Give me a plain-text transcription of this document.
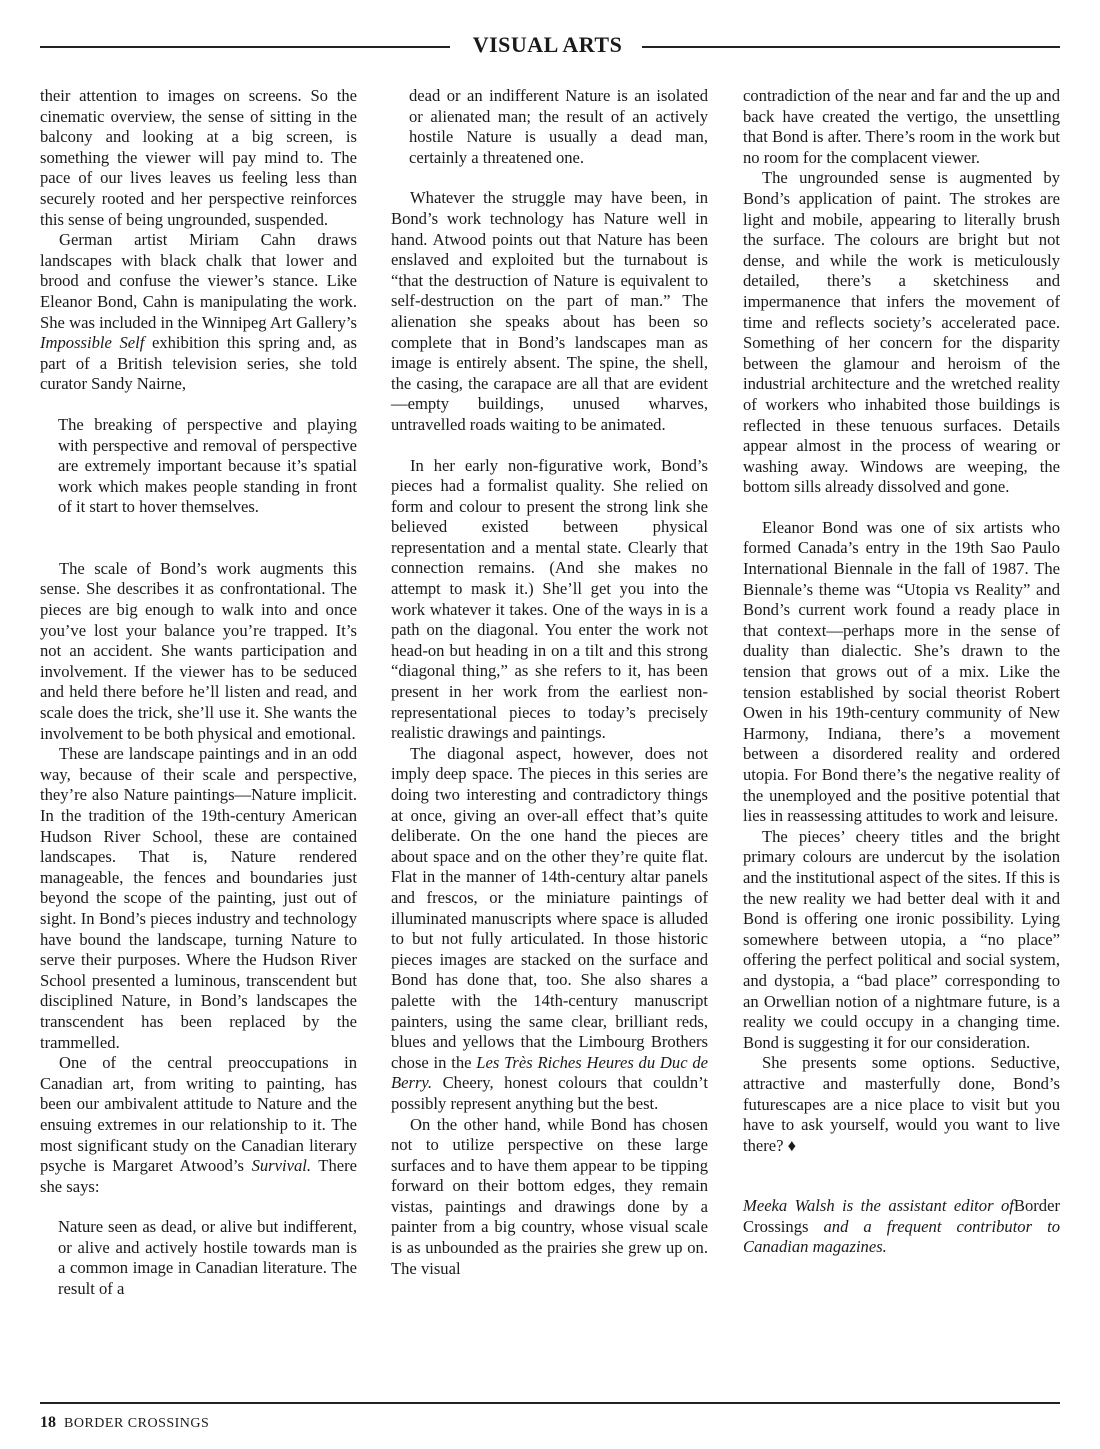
VISUAL ARTS

their attention to images on screens. So the cinematic overview, the sense of sitting in the balcony and looking at a big screen, is something the viewer will pay mind to. The pace of our lives leaves us feeling less than securely rooted and her perspective reinforces this sense of being ungrounded, suspended.

German artist Miriam Cahn draws landscapes with black chalk that lower and brood and confuse the viewer’s stance. Like Eleanor Bond, Cahn is manipulating the work. She was included in the Winnipeg Art Gallery’s Impossible Self exhibition this spring and, as part of a British television series, she told curator Sandy Nairne,

The breaking of perspective and playing with perspective and removal of perspective are extremely important because it’s spatial work which makes people standing in front of it start to hover themselves.

The scale of Bond’s work augments this sense. She describes it as confrontational. The pieces are big enough to walk into and once you’ve lost your balance you’re trapped. It’s not an accident. She wants participation and involvement. If the viewer has to be seduced and held there before he’ll listen and read, and scale does the trick, she’ll use it. She wants the involvement to be both physical and emotional.

These are landscape paintings and in an odd way, because of their scale and perspective, they’re also Nature paintings—Nature implicit. In the tradition of the 19th-century American Hudson River School, these are contained landscapes. That is, Nature rendered manageable, the fences and boundaries just beyond the scope of the painting, just out of sight. In Bond’s pieces industry and technology have bound the landscape, turning Nature to serve their purposes. Where the Hudson River School presented a luminous, transcendent but disciplined Nature, in Bond’s landscapes the transcendent has been replaced by the trammelled.

One of the central preoccupations in Canadian art, from writing to painting, has been our ambivalent attitude to Nature and the ensuing extremes in our relationship to it. The most significant study on the Canadian literary psyche is Margaret Atwood’s Survival. There she says:

Nature seen as dead, or alive but indifferent, or alive and actively hostile towards man is a common image in Canadian literature. The result of a

dead or an indifferent Nature is an isolated or alienated man; the result of an actively hostile Nature is usually a dead man, certainly a threatened one.

Whatever the struggle may have been, in Bond’s work technology has Nature well in hand. Atwood points out that Nature has been enslaved and exploited but the turnabout is “that the destruction of Nature is equivalent to self-destruction on the part of man.” The alienation she speaks about has been so complete that in Bond’s landscapes man as image is entirely absent. The spine, the shell, the casing, the carapace are all that are evident—empty buildings, unused wharves, untravelled roads waiting to be animated.

In her early non-figurative work, Bond’s pieces had a formalist quality. She relied on form and colour to present the strong link she believed existed between physical representation and a mental state. Clearly that connection remains. (And she makes no attempt to mask it.) She’ll get you into the work whatever it takes. One of the ways in is a path on the diagonal. You enter the work not head-on but heading in on a tilt and this strong “diagonal thing,” as she refers to it, has been present in her work from the earliest non-representational pieces to today’s precisely realistic drawings and paintings.

The diagonal aspect, however, does not imply deep space. The pieces in this series are doing two interesting and contradictory things at once, giving an over-all effect that’s quite deliberate. On the one hand the pieces are about space and on the other they’re quite flat. Flat in the manner of 14th-century altar panels and frescos, or the miniature paintings of illuminated manuscripts where space is alluded to but not fully articulated. In those historic pieces images are stacked on the surface and Bond has done that, too. She also shares a palette with the 14th-century manuscript painters, using the same clear, brilliant reds, blues and yellows that the Limbourg Brothers chose in the Les Très Riches Heures du Duc de Berry. Cheery, honest colours that couldn’t possibly represent anything but the best.

On the other hand, while Bond has chosen not to utilize perspective on these large surfaces and to have them appear to be tipping forward on their bottom edges, they remain vistas, paintings and drawings done by a painter from a big country, whose visual scale is as unbounded as the prairies she grew up on. The visual

contradiction of the near and far and the up and back have created the vertigo, the unsettling that Bond is after. There’s room in the work but no room for the complacent viewer.

The ungrounded sense is augmented by Bond’s application of paint. The strokes are light and mobile, appearing to literally brush the surface. The colours are bright but not dense, and while the work is meticulously detailed, there’s a sketchiness and impermanence that infers the movement of time and reflects society’s accelerated pace. Something of her concern for the disparity between the glamour and heroism of the industrial architecture and the wretched reality of workers who inhabited those buildings is reflected in these tenuous surfaces. Details appear almost in the process of wearing or washing away. Windows are weeping, the bottom sills already dissolved and gone.

Eleanor Bond was one of six artists who formed Canada’s entry in the 19th Sao Paulo International Biennale in the fall of 1987. The Biennale’s theme was “Utopia vs Reality” and Bond’s current work found a ready place in that context—perhaps more in the sense of duality than dialectic. She’s drawn to the tension that grows out of a mix. Like the tension established by social theorist Robert Owen in his 19th-century community of New Harmony, Indiana, there’s a movement between a disordered reality and ordered utopia. For Bond there’s the negative reality of the unemployed and the positive potential that lies in reassessing attitudes to work and leisure.

The pieces’ cheery titles and the bright primary colours are undercut by the isolation and the institutional aspect of the sites. If this is the new reality we had better deal with it and Bond is offering one ironic possibility. Lying somewhere between utopia, a “no place” offering the perfect political and social system, and dystopia, a “bad place” corresponding to an Orwellian notion of a nightmare future, is a reality we could occupy in a changing time. Bond is suggesting it for our consideration.

She presents some options. Seductive, attractive and masterfully done, Bond’s futurescapes are a nice place to visit but you have to ask yourself, would you want to live there? ♦

Meeka Walsh is the assistant editor ofBorder Crossings and a frequent contributor to Canadian magazines.

18 BORDER CROSSINGS
